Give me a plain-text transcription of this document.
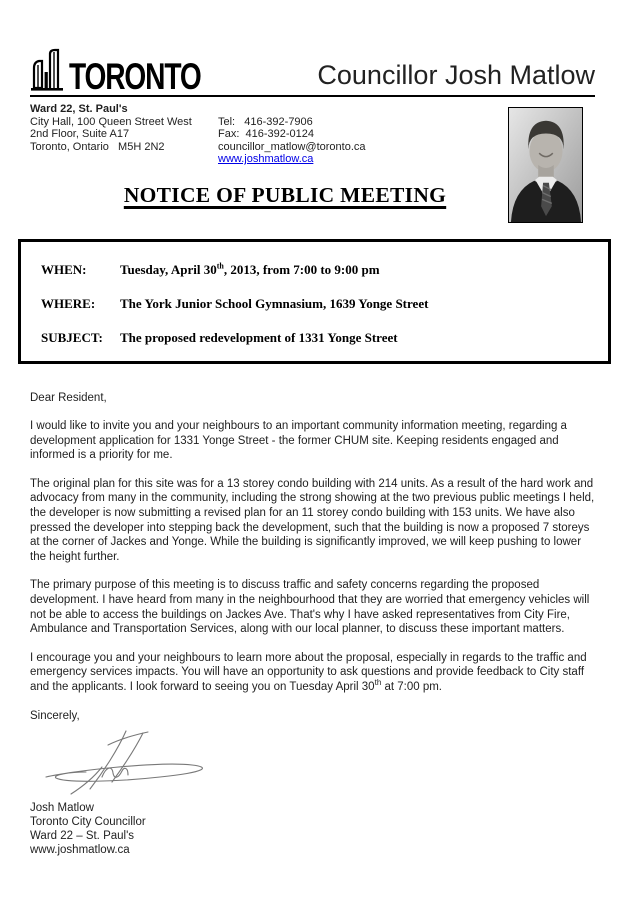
TORONTO	Councillor Josh Matlow
Ward 22, St. Paul's
City Hall, 100 Queen Street West
2nd Floor, Suite A17
Toronto, Ontario   M5H 2N2
Tel:   416-392-7906
Fax:  416-392-0124
councillor_matlow@toronto.ca
www.joshmatlow.ca
NOTICE OF PUBLIC MEETING
WHEN:	Tuesday, April 30th, 2013, from 7:00 to 9:00 pm
WHERE:	The York Junior School Gymnasium, 1639 Yonge Street
SUBJECT:	The proposed redevelopment of 1331 Yonge Street
Dear Resident,

I would like to invite you and your neighbours to an important community information meeting, regarding a development application for 1331 Yonge Street - the former CHUM site. Keeping residents engaged and informed is a priority for me.

The original plan for this site was for a 13 storey condo building with 214 units. As a result of the hard work and advocacy from many in the community, including the strong showing at the two previous public meetings I held, the developer is now submitting a revised plan for an 11 storey condo building with 153 units. We have also pressed the developer into stepping back the development, such that the building is now a proposed 7 storeys at the corner of Jackes and Yonge. While the building is significantly improved, we will keep pushing to lower the height further.

The primary purpose of this meeting is to discuss traffic and safety concerns regarding the proposed development. I have heard from many in the neighbourhood that they are worried that emergency vehicles will not be able to access the buildings on Jackes Ave. That's why I have asked representatives from City Fire, Ambulance and Transportation Services, along with our local planner, to discuss these important matters.

I encourage you and your neighbours to learn more about the proposal, especially in regards to the traffic and emergency services impacts. You will have an opportunity to ask questions and provide feedback to City staff and the applicants. I look forward to seeing you on Tuesday April 30th at 7:00 pm.

Sincerely,
Josh Matlow
Toronto City Councillor
Ward 22 – St. Paul's
www.joshmatlow.ca
